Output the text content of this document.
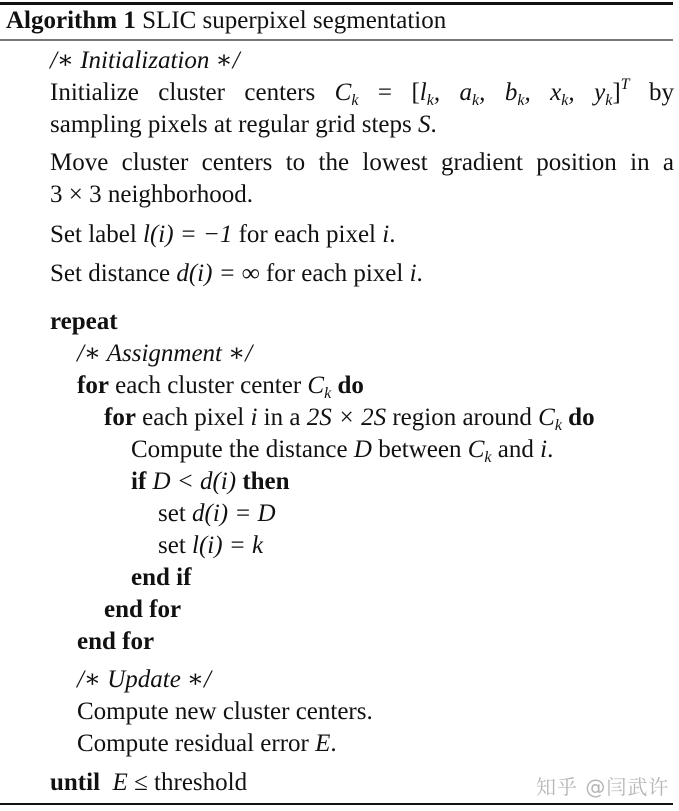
Algorithm 1 SLIC superpixel segmentation
/∗ Initialization ∗/
Initialize cluster centers $C_k = [l_k$, $a_k$, $b_k$, $x_k$, $y_k]^T$ by
sampling pixels at regular grid steps S.
Move cluster centers to the lowest gradient position in a
3 × 3 neighborhood.
Set label l(i) = −1 for each pixel i.
Set distance d(i) = ∞ for each pixel i.
repeat
/∗ Assignment ∗/
for each cluster center $C_k$ do
for each pixel i in a 2S × 2S region around $C_k$ do
Compute the distance D between $C_k$ and i.
if D < d(i) then
set d(i) = D
set l(i) = k
end if
end for
end for
/∗ Update ∗/
Compute new cluster centers.
Compute residual error E.
until E ≤ threshold	知乎 @闫武许
